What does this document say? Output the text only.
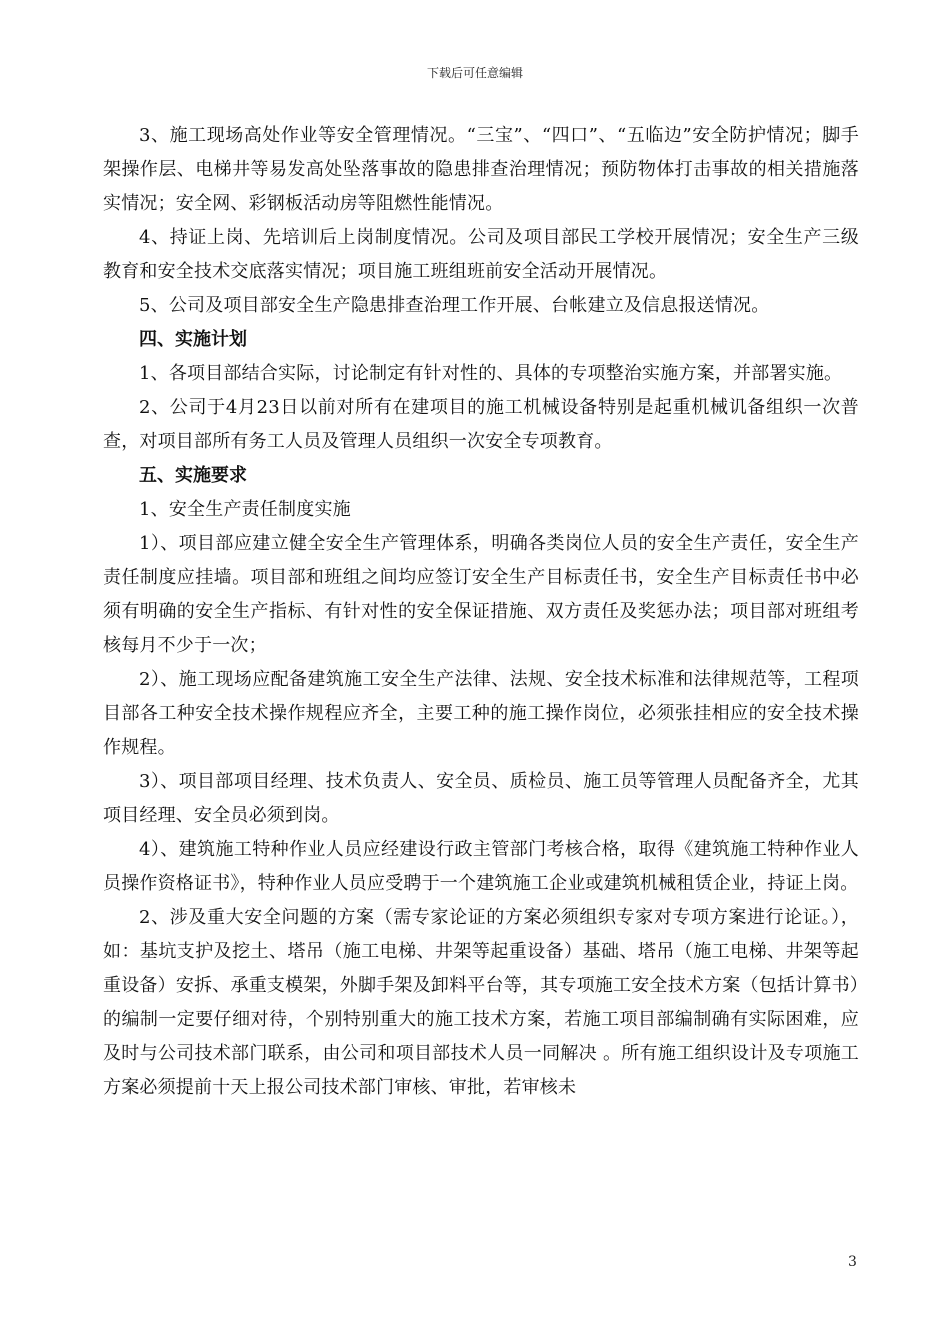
下载后可任意编辑

3、施工现场高处作业等安全管理情况。“三宝”、“四口”、“五临边”安全防护情况；脚手架操作层、电梯井等易发高处坠落事故的隐患排查治理情况；预防物体打击事故的相关措施落实情况；安全网、彩钢板活动房等阻燃性能情况。

4、持证上岗、先培训后上岗制度情况。公司及项目部民工学校开展情况；安全生产三级教育和安全技术交底落实情况；项目施工班组班前安全活动开展情况。

5、公司及项目部安全生产隐患排查治理工作开展、台帐建立及信息报送情况。

四、实施计划

1、各项目部结合实际，讨论制定有针对性的、具体的专项整治实施方案，并部署实施。

2、公司于4月23日以前对所有在建项目的施工机械设备特别是起重机械讥备组织一次普查，对项目部所有务工人员及管理人员组织一次安全专项教育。

五、实施要求

1、安全生产责任制度实施

1）、项目部应建立健全安全生产管理体系，明确各类岗位人员的安全生产责任，安全生产责任制度应挂墙。项目部和班组之间均应签订安全生产目标责任书，安全生产目标责任书中必须有明确的安全生产指标、有针对性的安全保证措施、双方责任及奖惩办法；项目部对班组考核每月不少于一次；

2）、施工现场应配备建筑施工安全生产法律、法规、安全技术标准和法律规范等，工程项目部各工种安全技术操作规程应齐全，主要工种的施工操作岗位，必须张挂相应的安全技术操作规程。

3）、项目部项目经理、技术负责人、安全员、质检员、施工员等管理人员配备齐全，尤其项目经理、安全员必须到岗。

4）、建筑施工特种作业人员应经建设行政主管部门考核合格，取得《建筑施工特种作业人员操作资格证书》，特种作业人员应受聘于一个建筑施工企业或建筑机械租赁企业，持证上岗。

2、涉及重大安全问题的方案（需专家论证的方案必须组织专家对专项方案进行论证。），如：基坑支护及挖土、塔吊（施工电梯、井架等起重设备）基础、塔吊（施工电梯、井架等起重设备）安拆、承重支模架，外脚手架及卸料平台等，其专项施工安全技术方案（包括计算书）的编制一定要仔细对待，个别特别重大的施工技术方案，若施工项目部编制确有实际困难，应及时与公司技术部门联系，由公司和项目部技术人员一同解决 。所有施工组织设计及专项施工方案必须提前十天上报公司技术部门审核、审批，若审核未

3
